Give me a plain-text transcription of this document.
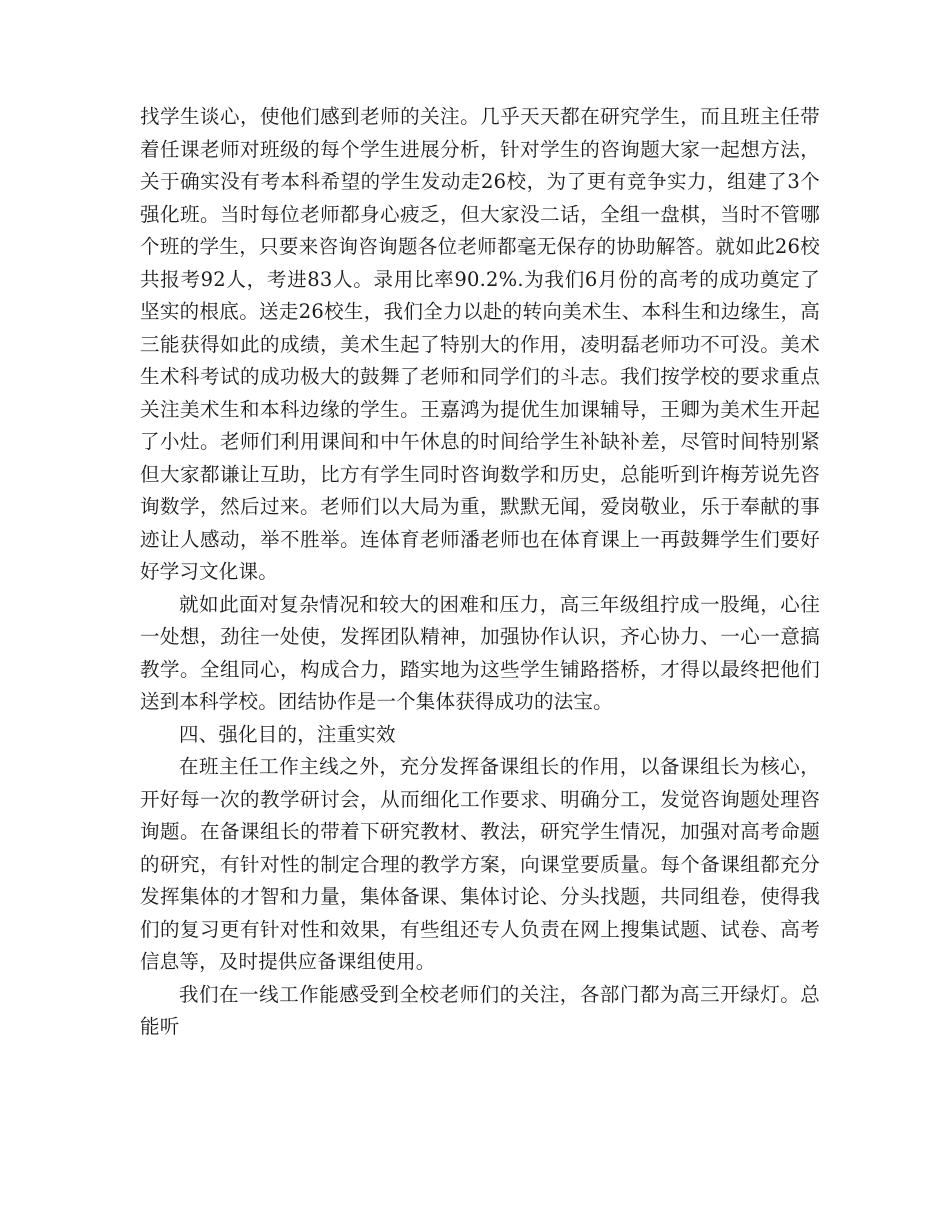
找学生谈心，使他们感到老师的关注。几乎天天都在研究学生，而且班主任带着任课老师对班级的每个学生进展分析，针对学生的咨询题大家一起想方法，关于确实没有考本科希望的学生发动走26校，为了更有竞争实力，组建了3个强化班。当时每位老师都身心疲乏，但大家没二话，全组一盘棋，当时不管哪个班的学生，只要来咨询咨询题各位老师都毫无保存的协助解答。就如此26校共报考92人，考进83人。录用比率90.2%.为我们6月份的高考的成功奠定了坚实的根底。送走26校生，我们全力以赴的转向美术生、本科生和边缘生，高三能获得如此的成绩，美术生起了特别大的作用，凌明磊老师功不可没。美术生术科考试的成功极大的鼓舞了老师和同学们的斗志。我们按学校的要求重点关注美术生和本科边缘的学生。王嘉鸿为提优生加课辅导，王卿为美术生开起了小灶。老师们利用课间和中午休息的时间给学生补缺补差，尽管时间特别紧但大家都谦让互助，比方有学生同时咨询数学和历史，总能听到许梅芳说先咨询数学，然后过来。老师们以大局为重，默默无闻，爱岗敬业，乐于奉献的事迹让人感动，举不胜举。连体育老师潘老师也在体育课上一再鼓舞学生们要好好学习文化课。

就如此面对复杂情况和较大的困难和压力，高三年级组拧成一股绳，心往一处想，劲往一处使，发挥团队精神，加强协作认识，齐心协力、一心一意搞教学。全组同心，构成合力，踏实地为这些学生铺路搭桥，才得以最终把他们送到本科学校。团结协作是一个集体获得成功的法宝。

四、强化目的，注重实效

在班主任工作主线之外，充分发挥备课组长的作用，以备课组长为核心，开好每一次的教学研讨会，从而细化工作要求、明确分工，发觉咨询题处理咨询题。在备课组长的带着下研究教材、教法，研究学生情况，加强对高考命题的研究，有针对性的制定合理的教学方案，向课堂要质量。每个备课组都充分发挥集体的才智和力量，集体备课、集体讨论、分头找题，共同组卷，使得我们的复习更有针对性和效果，有些组还专人负责在网上搜集试题、试卷、高考信息等，及时提供应备课组使用。

我们在一线工作能感受到全校老师们的关注，各部门都为高三开绿灯。总能听
